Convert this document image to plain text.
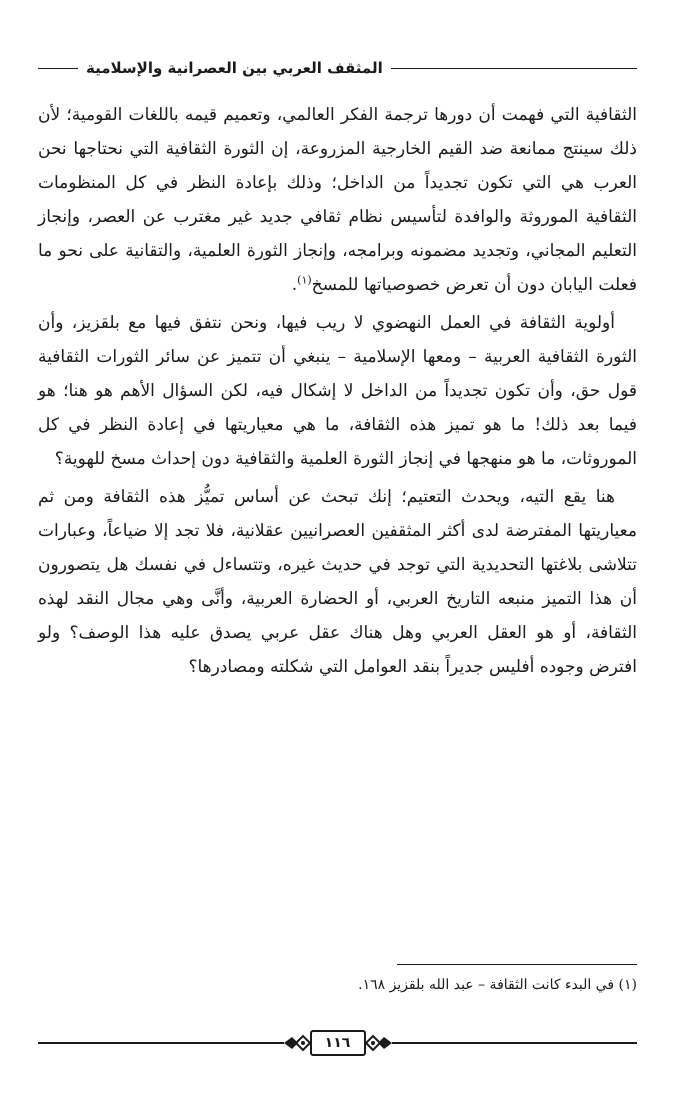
المثقف العربي بين العصرانية والإسلامية

الثقافية التي فهمت أن دورها ترجمة الفكر العالمي، وتعميم قيمه باللغات القومية؛ لأن ذلك سينتج ممانعة ضد القيم الخارجية المزروعة، إن الثورة الثقافية التي نحتاجها نحن العرب هي التي تكون تجديداً من الداخل؛ وذلك بإعادة النظر في كل المنظومات الثقافية الموروثة والوافدة لتأسيس نظام ثقافي جديد غير مغترب عن العصر، وإنجاز التعليم المجاني، وتجديد مضمونه وبرامجه، وإنجاز الثورة العلمية، والتقانية على نحو ما فعلت اليابان دون أن تعرض خصوصياتها للمسخ$^{(١)}$.

أولوية الثقافة في العمل النهضوي لا ريب فيها، ونحن نتفق فيها مع بلقزيز، وأن الثورة الثقافية العربية – ومعها الإسلامية – ينبغي أن تتميز عن سائر الثورات الثقافية قول حق، وأن تكون تجديداً من الداخل لا إشكال فيه، لكن السؤال الأهم هو هنا؛ هو فيما بعد ذلك! ما هو تميز هذه الثقافة، ما هي معياريتها في إعادة النظر في كل الموروثات، ما هو منهجها في إنجاز الثورة العلمية والثقافية دون إحداث مسخ للهوية؟

هنا يقع التيه، ويحدث التعتيم؛ إنك تبحث عن أساس تميُّز هذه الثقافة ومن ثم معياريتها المفترضة لدى أكثر المثقفين العصرانيين عقلانية، فلا تجد إلا ضياعاً، وعبارات تتلاشى بلاغتها التحديدية التي توجد في حديث غيره، وتتساءل في نفسك هل يتصورون أن هذا التميز منبعه التاريخ العربي، أو الحضارة العربية، وأنَّى وهي مجال النقد لهذه الثقافة، أو هو العقل العربي وهل هناك عقل عربي يصدق عليه هذا الوصف؟ ولو افترض وجوده أفليس جديراً بنقد العوامل التي شكلته ومصادرها؟

(١) في البدء كانت الثقافة – عبد الله بلقزيز ١٦٨.

١١٦
